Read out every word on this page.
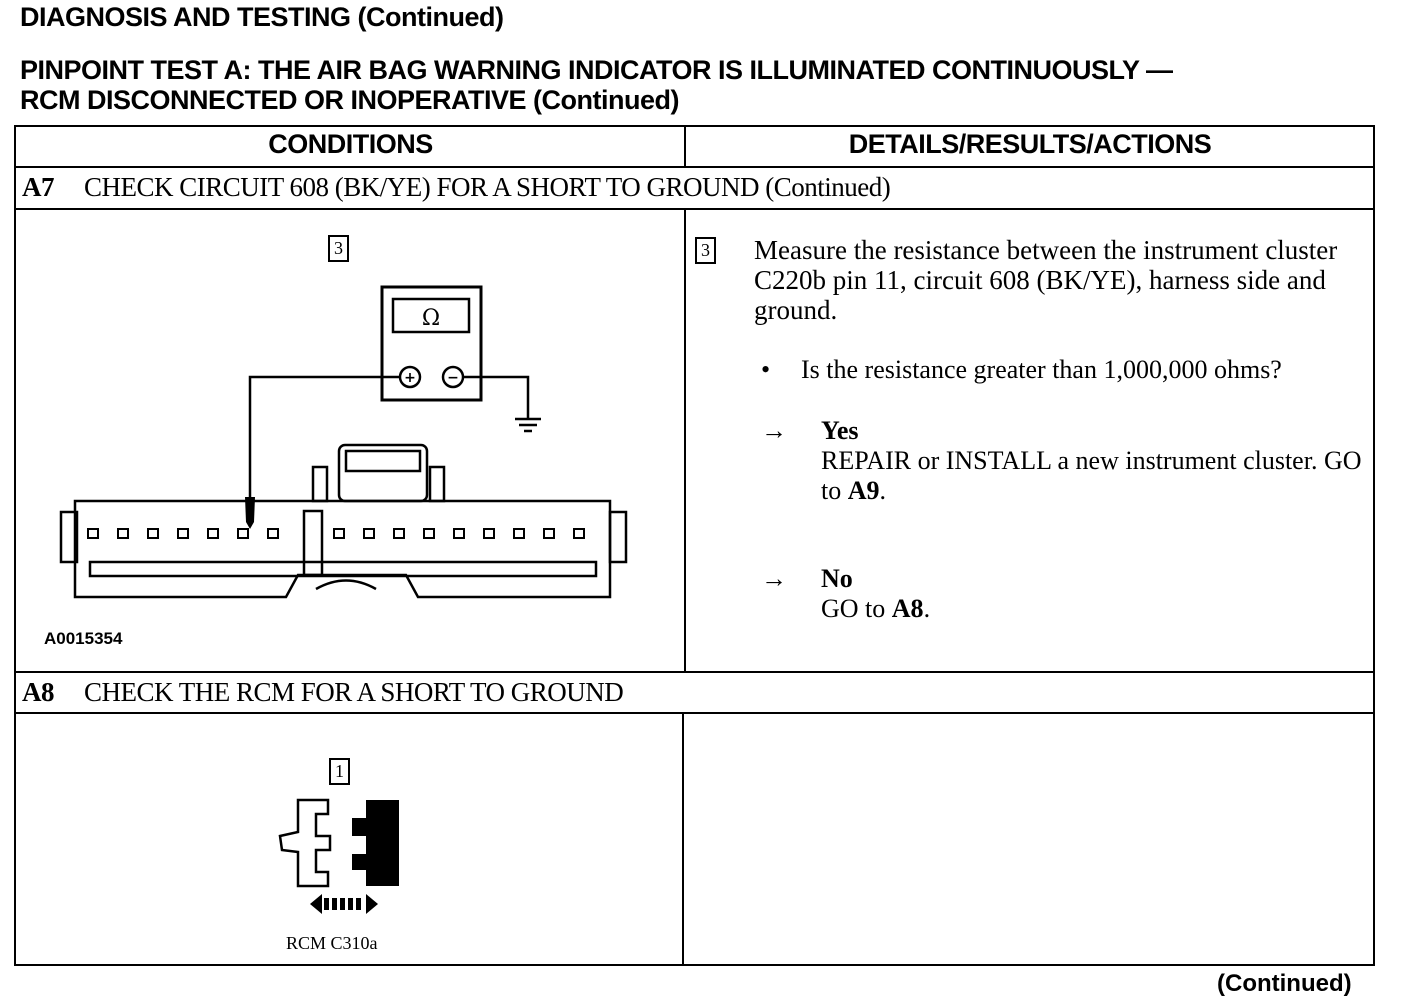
DIAGNOSIS AND TESTING (Continued)
PINPOINT TEST A: THE AIR BAG WARNING INDICATOR IS ILLUMINATED CONTINUOUSLY —
RCM DISCONNECTED OR INOPERATIVE (Continued)
CONDITIONS	DETAILS/RESULTS/ACTIONS
A7 CHECK CIRCUIT 608 (BK/YE) FOR A SHORT TO GROUND (Continued)
3
Ω
+ −
A0015354
3 Measure the resistance between the instrument cluster C220b pin 11, circuit 608 (BK/YE), harness side and ground.
• Is the resistance greater than 1,000,000 ohms?
→ Yes
REPAIR or INSTALL a new instrument cluster. GO to A9.
→ No
GO to A8.
A8 CHECK THE RCM FOR A SHORT TO GROUND
1
RCM C310a
(Continued)
